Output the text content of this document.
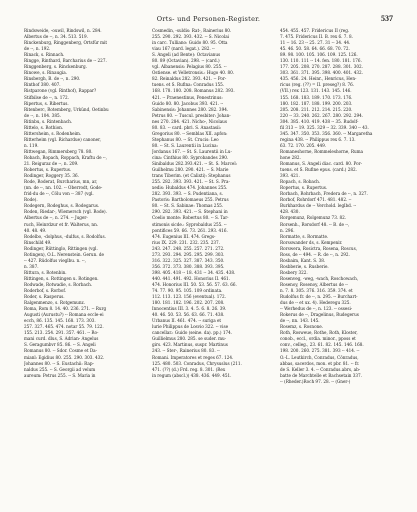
Orts- und Personen-Register.	537
Rindsweide, -ouwil, Rindswil, n. 284.
Albertus de --, n. 34. 513. 519.
Rinckenburg, Ringgenberg, Ortsfür mit
de --, n. 192.
Rinack, s. Rinnach.
Ringge, Rinthard, Barcharius de -- 227.
Ringgenberg, s. Rinckenburg.
Rinowe, s. Rinaugia.
Rinsbergh, B. de --, n. 290.
Rinthof 380. 407.
Ristparone (vgl. Rinthof), Rappar?
Stifbilse de --, n. 172.
Ripertus, s. Ribertus.
Ritenberc, Rotemberg, Urkünd, Oetinbu
de --, n. 104. 385.
Ritinbu, s. Rintenbach.
Rittelo, s. Rothion.
Rittersheim, s. Rodenheim.
Ritterheim (vgl. Richardue) canoner,
n. 119.
Rittwegan, Rimmersberg 78. 80.
Robach, Ropach, Roppach, Kraftu de --,
21. Reiguraz de --, n. 209.
Robertus, s. Rupertus.
Rodinger, Roggery 35. 36.
Rode, Roderat, Burcharius, mn, ar,
(nn. de --, nn. 102. -- Oberrodt, Gode-
frid-du de --, Cölu von -- 387 (vgl.
Rode).
Rodegern, Rodeghus, s. Rodegarus.
Roden, Riedar-, Wiemersch (vgl. Rode).
Albertus de --, n. 274. -- Juger-
ruch, Heinrdzur et fr. Walterus, nn.
40. 48. 49.
Rodelbo, -dolphus, -dulfus, s. Rodolfus.
Rinschild 49.
Rodinger, Rüttinglo, Rittingen (vgl.
Rotingen), O.L. Nerenstein. Gerun. de
-- 427. Rüdolfus vieglbu. n. --,
n. 387.
Rittura, s. Rotenbin.
Rittingen, s. Rottingen u. Rotingen.
Rodwade, Rotwadie, s. Rorbach.
Roderbof, s. Rorbof.
Roder, s. Rasperus.
Ralgenmenzo, s. Rotgemunz.
Roma, Rom 8. 14. 40. 236. 271. -- Rurg
Augusti (Aurustu?) -- Romana eccle-ei
ecch, 86. 135. 145. 168. 173. 303.
257. 327. 465. 474. notar 55. 79. 122.
155. 213. 254. 291. 357. 461. -- Ro-
mani curd. dlus, S. Adrian- Angelus
S. Geragumbvr 85. 86. -- S. Angeli
Romanus 80. -- Sdor. Cosme et Da-
mianl: Egidius 80. 255. 290. 303. 432.
Johannes 80. -- S. Eustachii: Rap-
naldus 255. -- S. Georgii ad velum
aureum: Petrus 255. -- S. Maria in
Cosmedin, -suldis: Rat-, Rainerius 80.
255. 290. 292. 393. 432. -- S. Nicolai
in carc. Tulliano: Guido 80. 95. Otta
viau 167 (nard. legat.). 282. --
S. Angeli (ad Bente): Octavianus
80. 89 (Octavian). 298. -- (card.)
vgl. Albanensis: Pelagius 80. 255. --
Ostiense. et Velletronsis.: Hugo 40. 80.
82. Reinaldus 282. 393. 421. -- Por-
tuens. et S. Rufina: Conradus 155.
168. 178. 180. 208. Romanus 282. 393.
421. -- Praenestinus, Penestrinus:
Guido 80. 80. Jacobus 393. 421. --
Sabinensis: Johannes 280. 282. 394.
Petrus 80. -- Tuscul. presbiter: Johan-
nes 270. 284. 421. Nicho-, Nicolaus
80. 83. -- card. pbri. S. Anastasii:
Gregorius 80. -- Semblas XII. apfon:
Stephanus 80. -- St. Crucis: Leo
80. -- St. S. Laurentii in Lucina:
Jordanus 167. -- St. S. Laurentii in Lu-
cina: Cinthius 80. Syprobandes 290.
Sinibaldus 282.393.421. -- St. S. Marcel:
Guilhelmu 280. 290. 421. -- S. Marie
trans Tiberim. (et Calixti): Stephanus
255. 282. 393. 393. 421. -- St. S. Pra-
xedis: Hubaldus 474. Johannes 255.
282. 393. 393. -- S. Pudentiana, s.
Pastoris: Bartholomaeus 255. Petrus
80. -- St. S. Sabinae: Thomas 255.
290. 282. 393. 421. -- S. Stephani in
Coelio monte: Robertus 80. -- S. Tar-
stimonis sicde.: Syprobaldus 255. --
pontifices 59. 66. 73. 261. 293. 416.
474. Eugenius III. 474. Gregs-
rius IX. 229. 231. 232. 235. 237.
243. 247. 248. 255. 257. 271. 272.
273. 293. 294. 295. 295. 299. 303.
316. 322. 325. 327. 387. 343. 350.
356. 372. 373. 380. 388. 393. 395.
398. 405. 418 -- 18. 431 -- 34. 435. 438.
440. 441. 491. 492. Honorius II. 461.
474. Honorius III. 50. 53. 56. 57. 63. 66.
74. 77. 90. 95. 105. 109 ordinata.
112. 113. 123. 156 (eventual). 172.
180. 181. 182. 196. 202. 207. 208.
Innocentius III. 3. 4. 5. 6. 8. 26. 39.
40. 46. 50. 53. 56. 63. 66. 71. 438.
Urbanus II. 461. 474. -- suriga et
lurie Philippus de Losvio 322. -- vise
cancellar.: Guido (seine. da). pp.) 174.
Guillielmus 280. 285. se suder. mu-
girs. 423. Martinus, suspr. Martinus
243. -- Ster-, Rainerius 80. 83. --
Romani. Imperatores et reges 67. 124.
125. 480. 503. Conradus, Chrysuslus (211.
471. (??) (d.) Frd. reg. 8. 301. (Rex
in regum (abscl.)) 438. 436. 449. 451.
454. 455. 457. Fridericus II (reg.
7. 475. Fridericus II. B. rex 6. 7. 8.
11 -- 16. 23 -- 25. 27. 31 -- 34. 44.
45. 46. 50. 58. 64. 66. 68. 70. 72.
89. 98. 100. 105. 106. 109. 125. 126.
130. 110. 111 -- 14. fen. 180. 181. 176.
177. 205. 208. 270. 287. 288. 301. 302.
303. 361. 371. 395. 398. 400. 401. 432.
435. 456. 24. Heinr., Henricus, Hen-
ricus (reg. (??) = II. preseg?) 8. 76.
(VII.) rex 123. 131. 143. 145. 146.
155. 168. 183. 189. 170. 173. 176.
180. 182. 187. 188. 199. 200. 203.
205. 208. 211. 212. 214. 215. 220.
220 -- 33. 240. 262. 267. 280. 292. 294.
304. 385. 410. 419. 438 -- 35. Rudolf-
fil 313 -- 19. 325. 329 -- 32. 339. 340 -- 43.
345. 347. 350. 353. 356. 360. -- Margaretha
regina 438. -- Philippus rex 6. 7. 13.
63. 72. 170. 205. 449.
Romaneshorne, Rommeleshorne, Ruma
hone 282.
Romanus, S. Angeli diac. card. 80. Por-
tuens. et S. Rufine epus. (card.) 282.
393. 421.
Ropach, s. Robach.
Ropertus, s. Rupertus.
Rorbach, Rohrbach, Fredera de --, n. 327.
Rorbof, Rohrdorf 471. 481. 482. --
Burkhardus de -- Verchold. leglbd. --
428. 430.
Rorgemunz, Rolgemunz 73. 82.
Rorsenh., Rorsdorf 48. -- B. de --,
n. 296.
Rormatte, s. Rormatte.
Rorsswander ds, s. Kempenir.
Rorswera, Rosictra, Rosena, Roscus,
Ross, de -- 494. -- R. de --, n. 292.
Rosbaim, Kant. S. 38.
Rosbberie, s. Rusberie.
Rosbery 322.
Rosenveg, -weg, -wach, Roschowach,
Rosenoy, Rosenoy, Albertus de --
n. 7. 8. 305. 376. 316. 359. 374. et
Rudolfus fr. de --, n. 295. -- Burchart-
dus de -- et ux. 4). Hederegu 325.
-- Werhedus de --, n. 123. -- ossesi-
Rokerus de --, Dragelinus, Rudegerus
de --, nn. 143. 145.
Rosemz, s. Rosnone.
Roth, Rosweue, Rothe, Roth, Kloster,
conob., eccl., ordia. minor., pposs et
conv., celleg., 23. 61. 82. 145. 146. 168.
198. 200. 260. 275. 381. 393 -- 414. --
O.-L. Leutkirch, Conradus, Cönradus,
abbas, sacerdos, mon. et pbr. 81. -- fr.
de S. Keller 3. 4. -- Conradus.abrs, ab-
batte de Marchtelle et Bachsetain 337.
-- (Rheder.)Roch 97. 28. -- (Gner-)
